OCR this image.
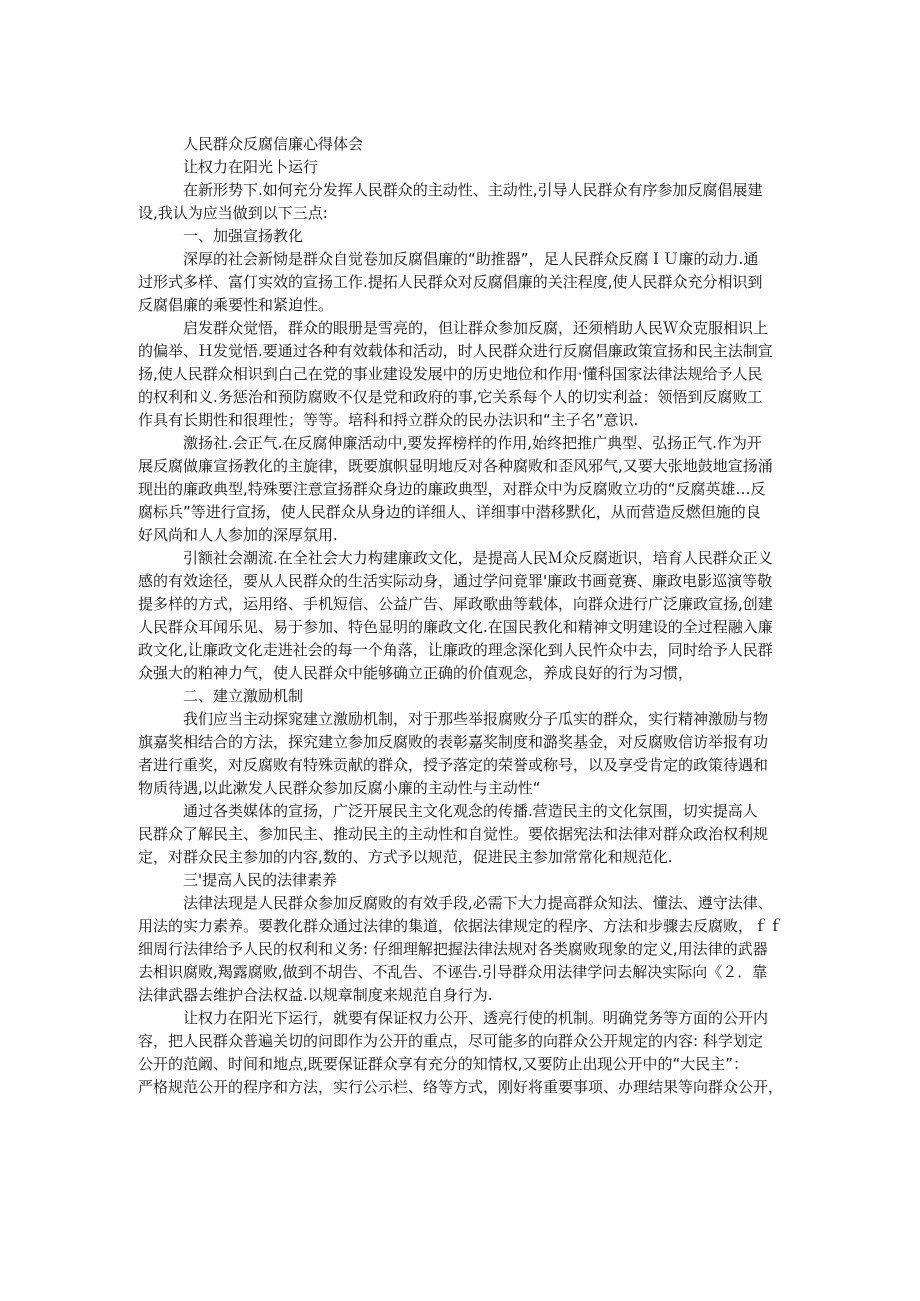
人民群众反腐信廉心得体会
让权力在阳光卜运行
在新形势下.如何充分发挥人民群众的主动性、主动性,引导人民群众有序参加反腐倡展建
设,我认为应当做到以下三点:
一、加强宣扬教化
深厚的社会新恸是群众自觉卷加反腐倡廉的“助推器”，足人民群众反腐ＩＵ廉的动力.通
过形式多样、富仃实效的宣扬工作.提拓人民群众对反腐倡廉的关注程度,使人民群众充分相识到
反腐倡廉的乘要性和紧迫性。
启发群众觉悟，群众的眼册是雪亮的，但让群众参加反腐，还须梢助人民Ｗ众克服相识上
的偏举、Ｈ发觉悟.要通过各种有效载体和活动，时人民群众进行反腐倡廉政策宣扬和民主法制宣
扬,使人民群众相识到白己在党的事业建设发展中的历史地位和作用·懂科国家法律法规给予人民
的权利和义.务惩治和预防腐败不仅是党和政府的事,它关系每个人的切实利益：领悟到反腐败工
作具有长期性和很理性；等等。培科和捋立群众的民办法识和“主子名”意识.
激扬社.会正气.在反腐伸廉活动中,要发挥榜样的作用,始终把推广典型、弘扬正气.作为开
展反腐做廉宣扬教化的主旋律，既要旗帜显明地反对各种腐败和歪风邪气,又要大张地鼓地宣扬涌
现出的廉政典型,特殊要注意宣扬群众身边的廉政典型，对群众中为反腐败立功的“反腐英雄…反
腐标兵”等进行宣扬，使人民群众从身边的详细人、详细事中潜移默化，从而营造反燃但施的良
好风尚和人人参加的深厚氛用.
引额社会潮流.在全社会大力构建廉政文化，是提高人民Ｍ众反腐逝识，培育人民群众正义
感的有效途径，要从人民群众的生活实际动身，通过学问竟罪'廉政书画竟赛、廉政电影巡演等敬
提多样的方式，运用络、手机短信、公益广告、犀政歌曲等载体，向群众进行广泛廉政宣扬,创建
人民群众耳闻乐见、易于参加、特色显明的廉政文化.在国民教化和精神文明建设的全过程融入廉
政文化,让廉政文化走进社会的每一个角落，让廉政的理念深化到人民忤众中去，同时给予人民群
众强大的粕神力气，使人民群众中能够确立正确的价值观念，养成良好的行为习惯，
二、建立激励机制
我们应当主动探窕建立激励机制，对于那些举报腐败分子瓜实的群众，实行精神激励与物
旗嘉奖相结合的方法，探究建立参加反腐败的表彰嘉奖制度和潞奖基金，对反腐败信访举报有功
者进行重奖，对反腐败有特殊贡献的群众，授予落定的荣誉或称号，以及享受肯定的政策待遇和
物质待遇,以此漱发人民群众参加反腐小廉的主动性与主动性“
通过各类媒体的宣扬，广泛开展民主文化观念的传播.营造民主的文化氛围，切实提高人
民群众了解民主、参加民主、推动民主的主动性和自觉性。要依据宪法和法律对群众政治权利规
定，对群众民主参加的内容,数的、方式予以规范，促进民主参加常常化和规范化.
三'提高人民的法律素养
法律法现是人民群众参加反腐败的有效手段,必需下大力提高群众知法、懂法、遵守法律、
用法的实力素养。要教化群众通过法律的集道，依据法律规定的程序、方法和步骤去反腐败，ｆｆ
细周行法律给予人民的权利和义务: 仔细理解把握法律法规对各类腐败现象的定义,用法律的武器
去相识腐败,羯露腐败,做到不胡告、不乱告、不诬告.引导群众用法律学问去解决实际向《２．靠
法律武器去维护合法权益.以规章制度来规范自身行为.
让权力在阳光下运行，就要有保证权力公开、透亮行使的机制。明确党务等方面的公开内
容，把人民群众普遍关切的问即作为公开的重点，尽可能多的向群众公开规定的内容: 科学划定
公开的范阚、时间和地点,既要保证群众享有充分的知情权,又要防止出现公开中的“大民主”：
严格规范公开的程序和方法，实行公示栏、络等方式，刚好将重要事项、办理结果等向群众公开，
